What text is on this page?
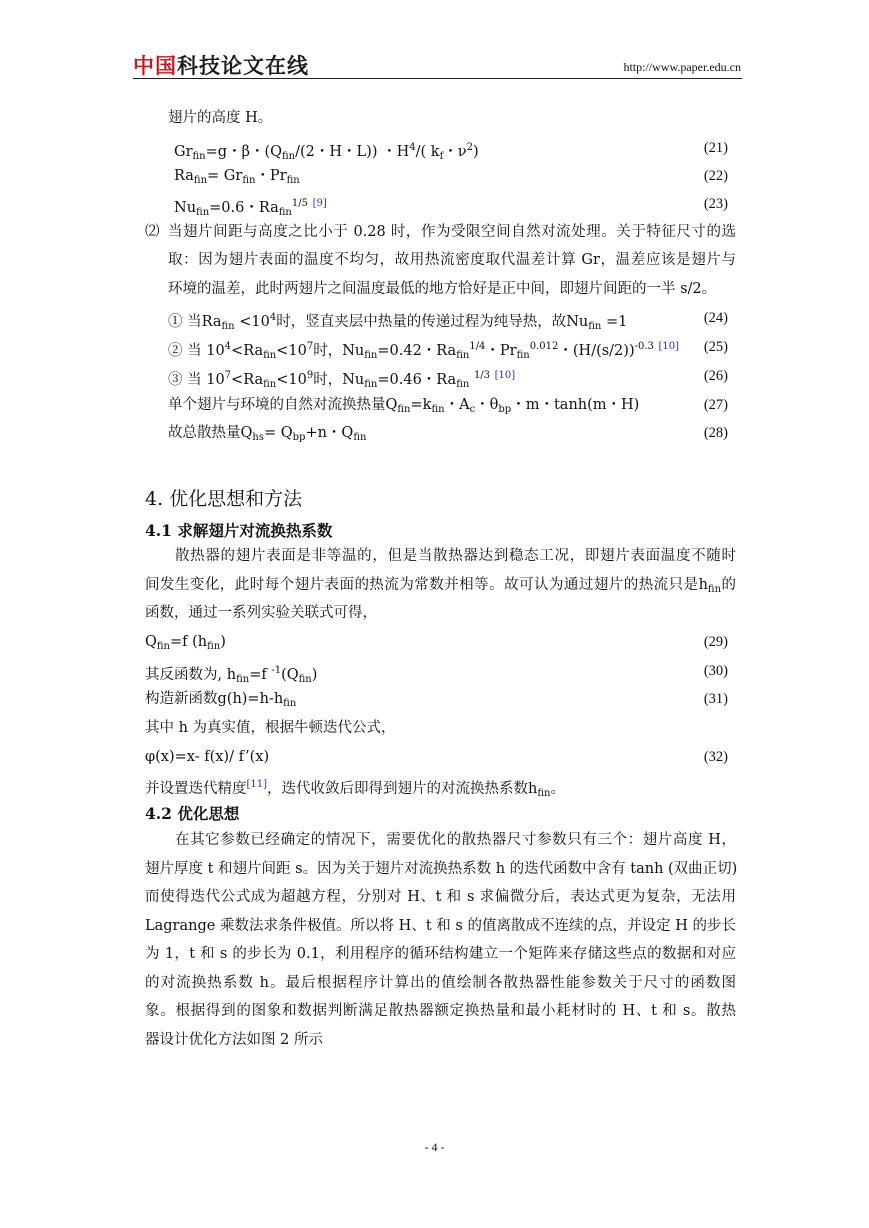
中国科技论文在线	http://www.paper.edu.cn
翅片的高度 H。
$Gr_{fin}=g$・β・($Q_{fin}/(2$・H・L)) ・$H^4/$( $k_f$・$\nu^2$)	(21)
$Ra_{fin}= Gr_{fin}$・$Pr_{fin}$	(22)
$Nu_{fin}=0.6$・$Ra_{fin}^{1/5}$ [9]	(23)
⑵ 当翅片间距与高度之比小于 0.28 时，作为受限空间自然对流处理。关于特征尺寸的选
取：因为翅片表面的温度不均匀，故用热流密度取代温差计算 Gr，温差应该是翅片与
环境的温差，此时两翅片之间温度最低的地方恰好是正中间，即翅片间距的一半 s/2。
① 当$Ra_{fin} <10^4$时，竖直夹层中热量的传递过程为纯导热，故$Nu_{fin} =1$	(24)
② 当 $10^4<Ra_{fin}<10^7$时，$Nu_{fin}=0.42$・$Ra_{fin}^{1/4}$・$Pr_{fin}^{0.012}$・$(H/(s/2))^{-0.3}$ [10] (25)
③ 当 $10^7<Ra_{fin}<10^9$时，$Nu_{fin}=0.46$・$Ra_{fin}$ $^{1/3}$ [10]	(26)
单个翅片与环境的自然对流换热量$Q_{fin}=k_{fin}$・$A_c$・$\theta_{bp}$・m・tanh(m・H)	(27)
故总散热量$Q_{hs}= Q_{bp}+n$・$Q_{fin}$	(28)
4. 优化思想和方法
4.1 求解翅片对流换热系数
散热器的翅片表面是非等温的，但是当散热器达到稳态工况，即翅片表面温度不随时
间发生变化，此时每个翅片表面的热流为常数并相等。故可认为通过翅片的热流只是$h_{fin}$的
函数，通过一系列实验关联式可得，
$Q_{fin}=f$ $(h_{fin})$	(29)
其反函数为, $h_{fin}=f$ $^{-1}(Q_{fin})$	(30)
构造新函数$g(h)=h-h_{fin}$	(31)
其中 h 为真实值，根据牛顿迭代公式，
φ(x)=x- f(x)/ f’(x)	(32)
并设置迭代精度[11]，迭代收敛后即得到翅片的对流换热系数$h_{fin}$。
4.2 优化思想
在其它参数已经确定的情况下，需要优化的散热器尺寸参数只有三个：翅片高度 H，
翅片厚度 t 和翅片间距 s。因为关于翅片对流换热系数 h 的迭代函数中含有 tanh (双曲正切)
而使得迭代公式成为超越方程，分别对 H、t 和 s 求偏微分后，表达式更为复杂，无法用
Lagrange 乘数法求条件极值。所以将 H、t 和 s 的值离散成不连续的点，并设定 H 的步长
为 1，t 和 s 的步长为 0.1，利用程序的循环结构建立一个矩阵来存储这些点的数据和对应
的对流换热系数 h。最后根据程序计算出的值绘制各散热器性能参数关于尺寸的函数图
象。根据得到的图象和数据判断满足散热器额定换热量和最小耗材时的 H、t 和 s。散热
器设计优化方法如图 2 所示
- 4 -
